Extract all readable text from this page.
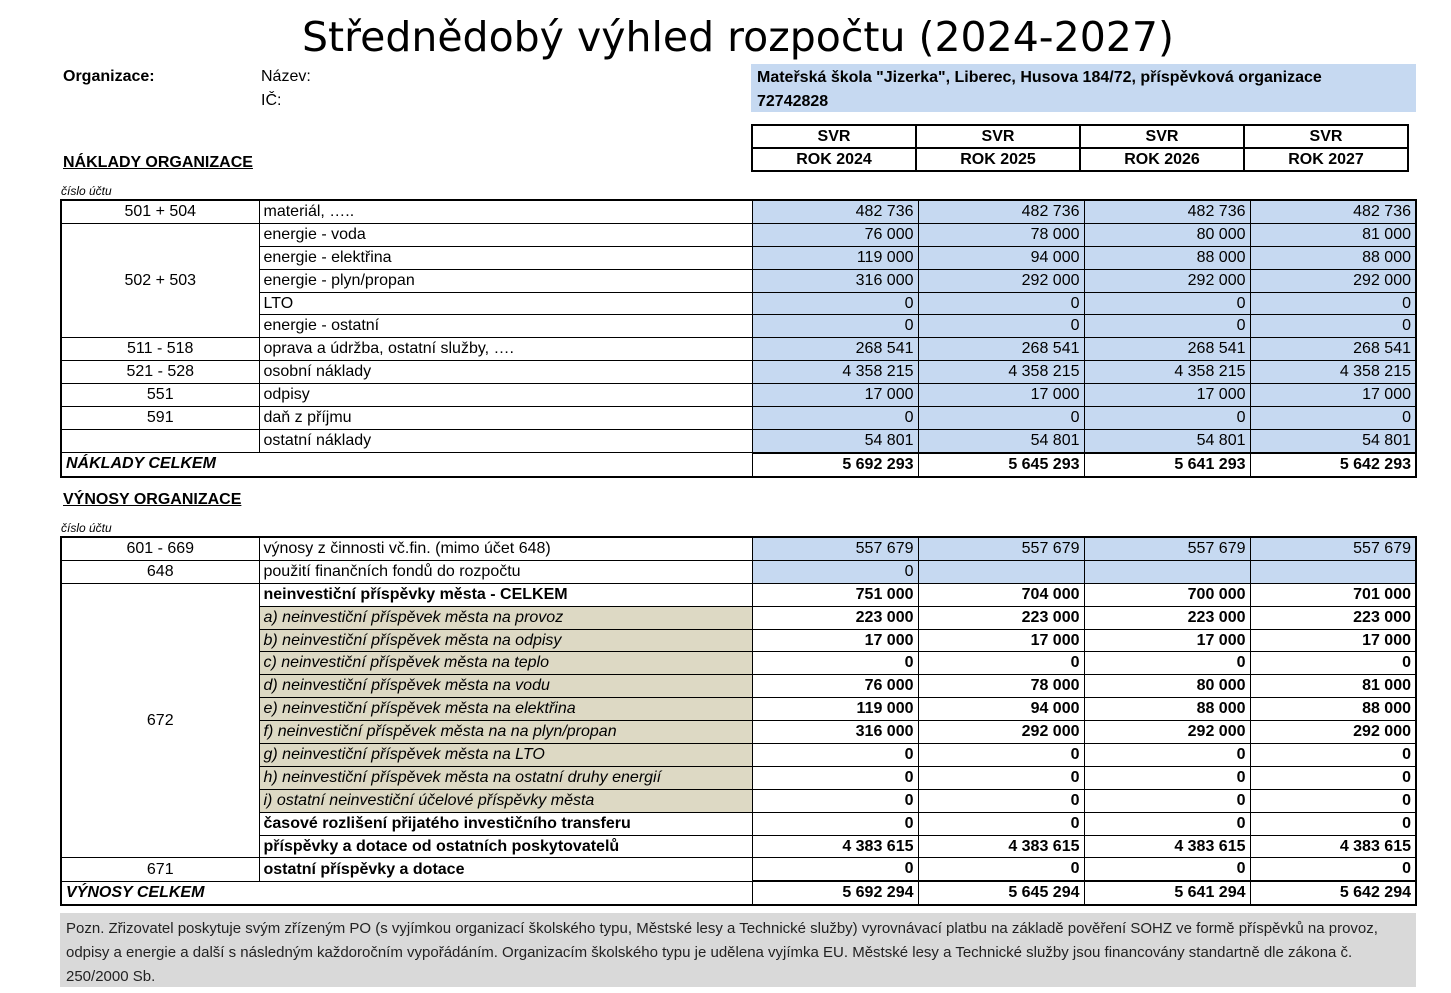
Střednědobý výhled rozpočtu (2024-2027)
Organizace:	Název:
IČ:
Mateřská škola "Jizerka", Liberec, Husova 184/72, příspěvková organizace
72742828
SVR	SVR	SVR	SVR
ROK 2024	ROK 2025	ROK 2026	ROK 2027
NÁKLADY ORGANIZACE
číslo účtu
501 + 504	materiál, …..	482 736	482 736	482 736	482 736
502 + 503	energie - voda	76 000	78 000	80 000	81 000
	energie - elektřina	119 000	94 000	88 000	88 000
	energie - plyn/propan	316 000	292 000	292 000	292 000
	LTO	0	0	0	0
	energie - ostatní	0	0	0	0
511 - 518	oprava a údržba, ostatní služby, ….	268 541	268 541	268 541	268 541
521 - 528	osobní náklady	4 358 215	4 358 215	4 358 215	4 358 215
551	odpisy	17 000	17 000	17 000	17 000
591	daň z příjmu	0	0	0	0
	ostatní náklady	54 801	54 801	54 801	54 801
NÁKLADY CELKEM		5 692 293	5 645 293	5 641 293	5 642 293
VÝNOSY ORGANIZACE
číslo účtu
601 - 669	výnosy z činnosti vč.fin. (mimo účet 648)	557 679	557 679	557 679	557 679
648	použití finančních fondů do rozpočtu	0			
672	neinvestiční příspěvky města - CELKEM	751 000	704 000	700 000	701 000
	a) neinvestiční příspěvek města na provoz	223 000	223 000	223 000	223 000
	b) neinvestiční příspěvek města na odpisy	17 000	17 000	17 000	17 000
	c) neinvestiční příspěvek města na teplo	0	0	0	0
	d) neinvestiční příspěvek města na vodu	76 000	78 000	80 000	81 000
	e) neinvestiční příspěvek města na elektřina	119 000	94 000	88 000	88 000
	f) neinvestiční příspěvek města na na plyn/propan	316 000	292 000	292 000	292 000
	g) neinvestiční příspěvek města na LTO	0	0	0	0
	h) neinvestiční příspěvek města na ostatní druhy energií	0	0	0	0
	i) ostatní neinvestiční účelové příspěvky města	0	0	0	0
	časové rozlišení přijatého investičního transferu	0	0	0	0
	příspěvky a dotace od ostatních poskytovatelů	4 383 615	4 383 615	4 383 615	4 383 615
671	ostatní příspěvky a dotace	0	0	0	0
VÝNOSY CELKEM		5 692 294	5 645 294	5 641 294	5 642 294
Pozn. Zřizovatel poskytuje svým zřízeným PO (s vyjímkou organizací školského typu, Městské lesy a Technické služby) vyrovnávací platbu na základě pověření SOHZ ve formě příspěvků na provoz, odpisy a energie a další s následným každoročním vypořádáním. Organizacím školského typu je udělena vyjímka EU. Městské lesy a Technické služby jsou financovány standartně dle zákona č. 250/2000 Sb.
